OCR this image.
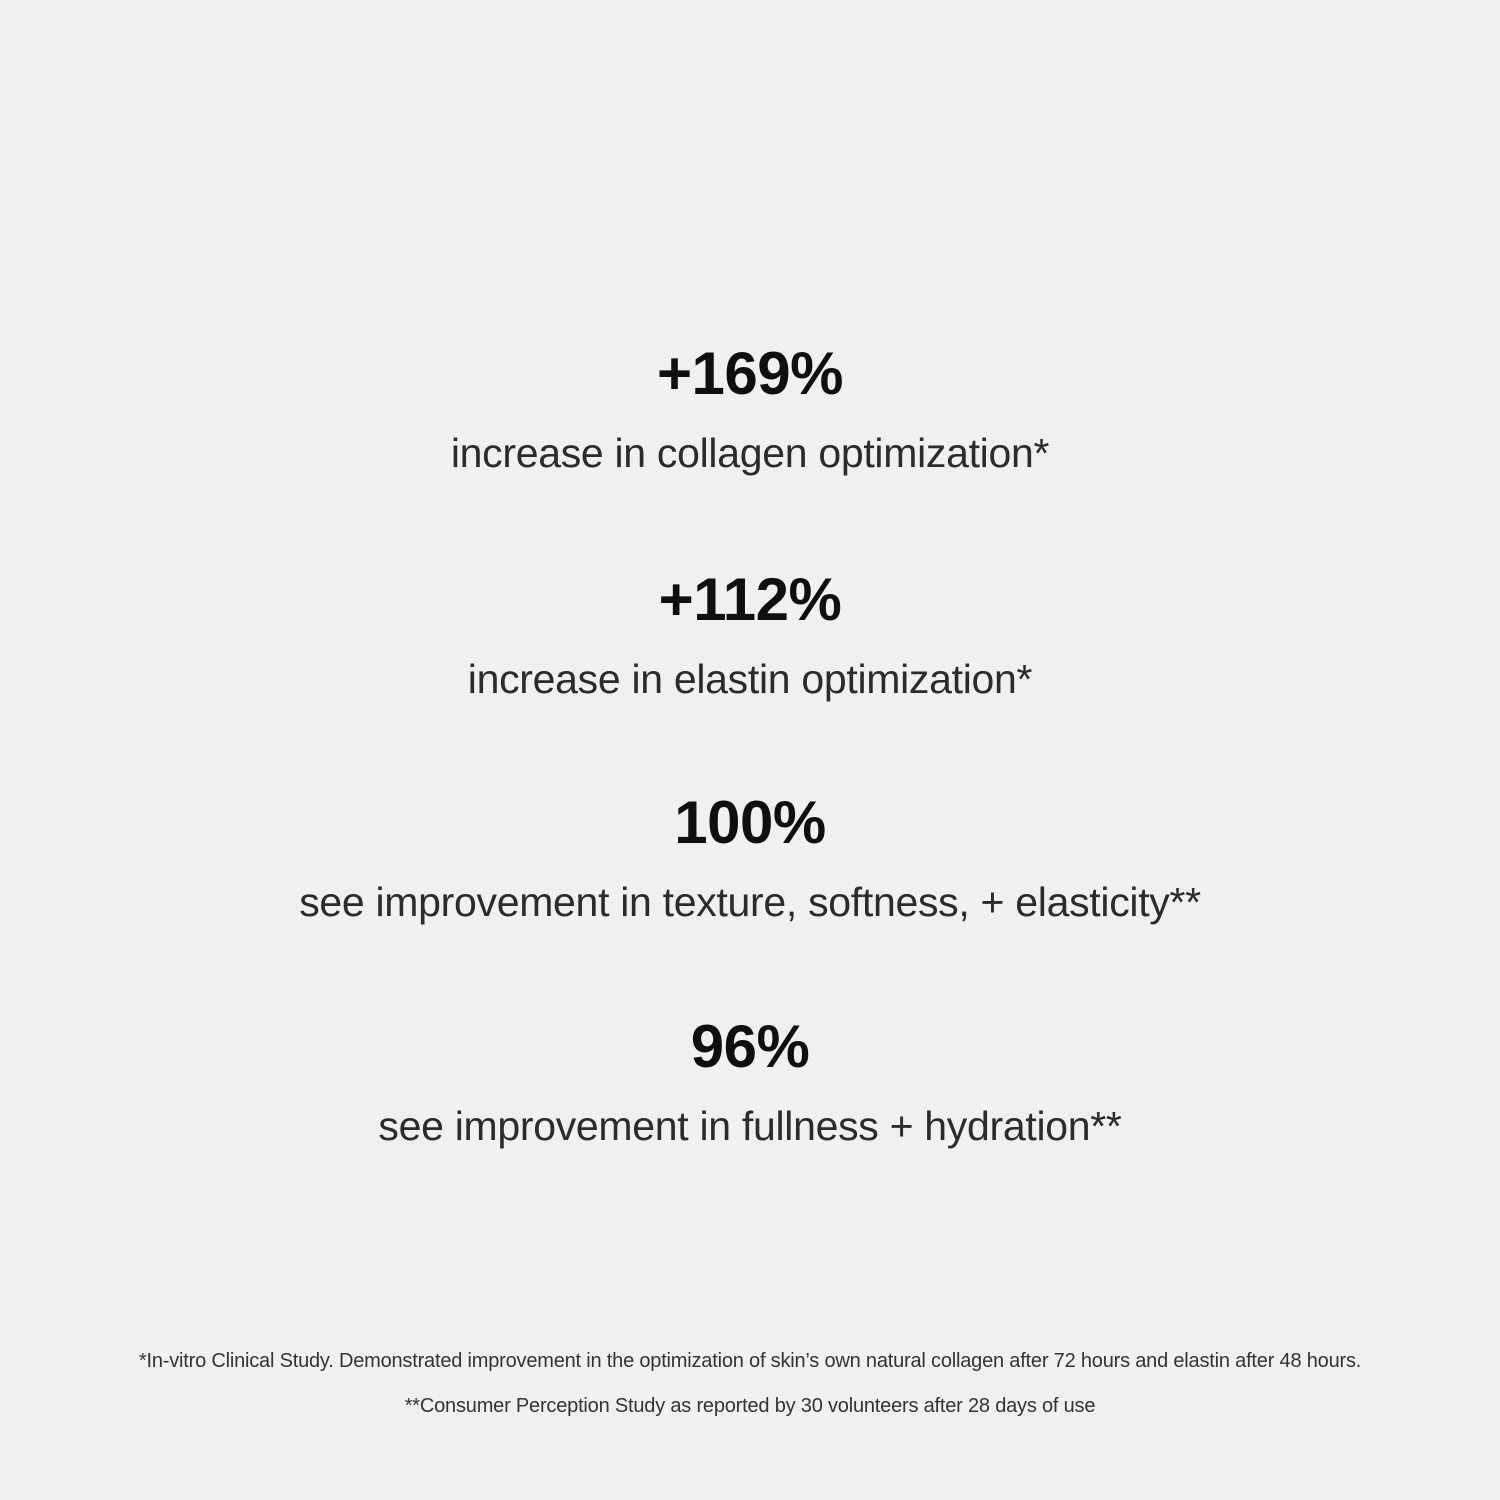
+169%
increase in collagen optimization*
+112%
increase in elastin optimization*
100%
see improvement in texture, softness, + elasticity**
96%
see improvement in fullness + hydration**
*In-vitro Clinical Study. Demonstrated improvement in the optimization of skin’s own natural collagen after 72 hours and elastin after 48 hours.
**Consumer Perception Study as reported by 30 volunteers after 28 days of use
